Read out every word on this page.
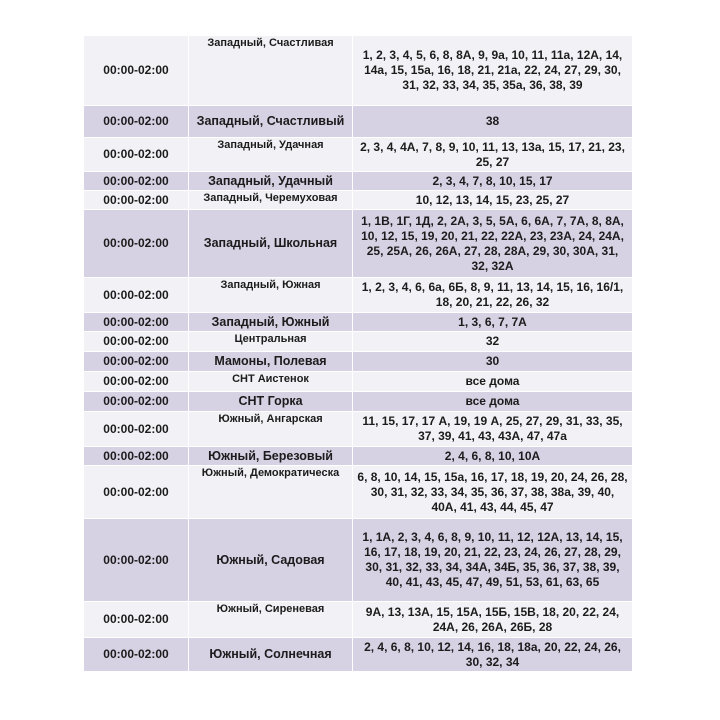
00:00-02:00	Западный, Счастливая	1, 2, 3, 4, 5, 6, 8, 8А, 9, 9а, 10, 11, 11а, 12А, 14, 14а, 15, 15а, 16, 18, 21, 21а, 22, 24, 27, 29, 30, 31, 32, 33, 34, 35, 35а, 36, 38, 39
00:00-02:00	Западный, Счастливый	38
00:00-02:00	Западный, Удачная	2, 3, 4, 4А, 7, 8, 9, 10, 11, 13, 13а, 15, 17, 21, 23, 25, 27
00:00-02:00	Западный, Удачный	2, 3, 4, 7, 8, 10, 15, 17
00:00-02:00	Западный, Черемуховая	10, 12, 13, 14, 15, 23, 25, 27
00:00-02:00	Западный, Школьная	1, 1В, 1Г, 1Д, 2, 2А, 3, 5, 5А, 6, 6А, 7, 7А, 8, 8А, 10, 12, 15, 19, 20, 21, 22, 22А, 23, 23А, 24, 24А, 25, 25А, 26, 26А, 27, 28, 28А, 29, 30, 30А, 31, 32, 32А
00:00-02:00	Западный, Южная	1, 2, 3, 4, 6, 6а, 6Б, 8, 9, 11, 13, 14, 15, 16, 16/1, 18, 20, 21, 22, 26, 32
00:00-02:00	Западный, Южный	1, 3, 6, 7, 7А
00:00-02:00	Центральная	32
00:00-02:00	Мамоны, Полевая	30
00:00-02:00	СНТ Аистенок	все дома
00:00-02:00	СНТ Горка	все дома
00:00-02:00	Южный, Ангарская	11, 15, 17, 17 А, 19, 19 А, 25, 27, 29, 31, 33, 35, 37, 39, 41, 43, 43А, 47, 47а
00:00-02:00	Южный, Березовый	2, 4, 6, 8, 10, 10А
00:00-02:00	Южный, Демократическа	6, 8, 10, 14, 15, 15а, 16, 17, 18, 19, 20, 24, 26, 28, 30, 31, 32, 33, 34, 35, 36, 37, 38, 38а, 39, 40, 40А, 41, 43, 44, 45, 47
00:00-02:00	Южный, Садовая	1, 1А, 2, 3, 4, 6, 8, 9, 10, 11, 12, 12А, 13, 14, 15, 16, 17, 18, 19, 20, 21, 22, 23, 24, 26, 27, 28, 29, 30, 31, 32, 33, 34, 34А, 34Б, 35, 36, 37, 38, 39, 40, 41, 43, 45, 47, 49, 51, 53, 61, 63, 65
00:00-02:00	Южный, Сиреневая	9А, 13, 13А, 15, 15А, 15Б, 15В, 18, 20, 22, 24, 24А, 26, 26А, 26Б, 28
00:00-02:00	Южный, Солнечная	2, 4, 6, 8, 10, 12, 14, 16, 18, 18а, 20, 22, 24, 26, 30, 32, 34
